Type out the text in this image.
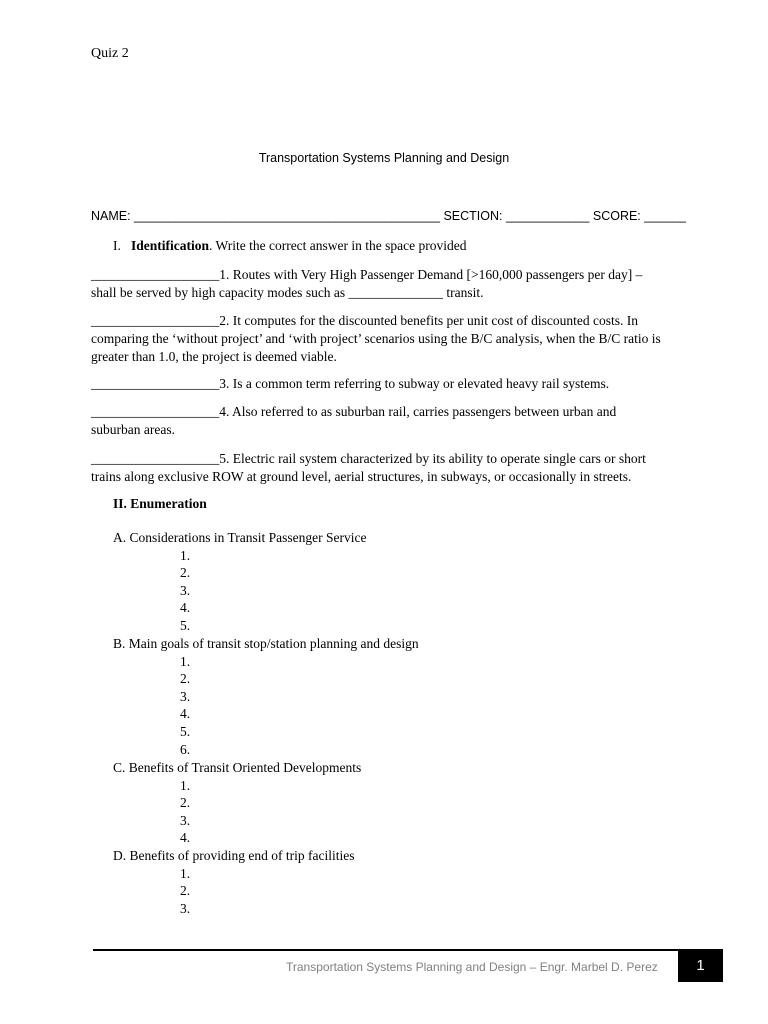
Quiz 2
Transportation Systems Planning and Design
NAME: ____________________________________________ SECTION: ____________ SCORE: ______
I. Identification. Write the correct answer in the space provided
___________________1. Routes with Very High Passenger Demand [>160,000 passengers per day] –
shall be served by high capacity modes such as ______________ transit.
___________________2. It computes for the discounted benefits per unit cost of discounted costs. In
comparing the ‘without project’ and ‘with project’ scenarios using the B/C analysis, when the B/C ratio is
greater than 1.0, the project is deemed viable.
___________________3. Is a common term referring to subway or elevated heavy rail systems.
___________________4. Also referred to as suburban rail, carries passengers between urban and
suburban areas.
___________________5. Electric rail system characterized by its ability to operate single cars or short
trains along exclusive ROW at ground level, aerial structures, in subways, or occasionally in streets.
II. Enumeration
A. Considerations in Transit Passenger Service
1.
2.
3.
4.
5.
B. Main goals of transit stop/station planning and design
1.
2.
3.
4.
5.
6.
C. Benefits of Transit Oriented Developments
1.
2.
3.
4.
D. Benefits of providing end of trip facilities
1.
2.
3.
Transportation Systems Planning and Design – Engr. Marbel D. Perez	1
